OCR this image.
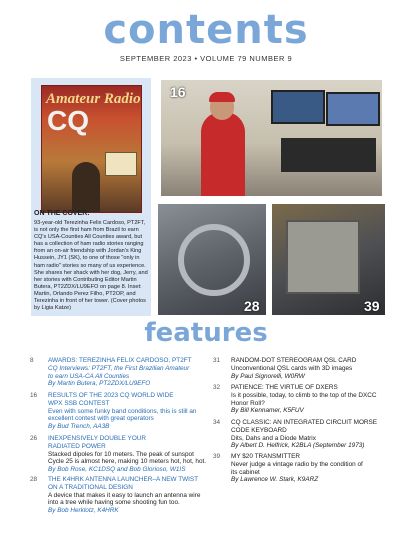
contents
SEPTEMBER 2023 • VOLUME 79 NUMBER 9
Amateur Radio
CQ
ON THE COVER:
93-year-old Terezinha Felix Cardoso, PT2FT, is not only the first ham from Brazil to earn CQ's USA-Counties All Counties award, but has a collection of ham radio stories ranging from an on-air friendship with Jordan's King Hussein, JY1 (SK), to one of those "only in ham radio" stories so many of us experience. She shares her shack with her dog, Jerry, and her stories with Contributing Editor Martin Butera, PT2ZDX/LU9EFO on page 8. Inset: Martin, Orlando Perez Filho, PT2OP, and Terezinha in front of her tower. (Cover photos by Ligia Katze)
16
28	39
features
8	AWARDS: TEREZINHA FELIX CARDOSO, PT2FT
CQ Interviews: PT2FT, the First Brazilian Amateur
to earn USA-CA All Counties
By Martin Butera, PT2ZDX/LU9EFO
16	RESULTS OF THE 2023 CQ WORLD WIDE
WPX SSB CONTEST
Even with some funky band conditions, this is still an
excellent contest with great operators
By Bud Trench, AA3B
26	INEXPENSIVELY DOUBLE YOUR
RADIATED POWER
Stacked dipoles for 10 meters. The peak of sunspot
Cycle 25 is almost here, making 10 meters hot, hot, hot.
By Bob Rose, KC1DSQ and Bob Glorioso, W1IS
28	THE K4HRK ANTENNA LAUNCHER–A NEW TWIST
ON A TRADITIONAL DESIGN
A device that makes it easy to launch an antenna wire
into a tree while having some shooting fun too.
By Bob Herklotz, K4HRK
31	RANDOM-DOT STEREOGRAM QSL CARD
Unconventional QSL cards with 3D images
By Paul Signorelli, W0RW
32	PATIENCE: THE VIRTUE OF DXERS
Is it possible, today, to climb to the top of the DXCC
Honor Roll?
By Bill Kennamer, K5FUV
34	CQ CLASSIC: AN INTEGRATED CIRCUIT MORSE
CODE KEYBOARD
Dits, Dahs and a Diode Matrix
By Albert D. Helfrick, K2BLA (September 1973)
39	MY $20 TRANSMITTER
Never judge a vintage radio by the condition of
its cabinet
By Lawrence W. Stark, K9ARZ
